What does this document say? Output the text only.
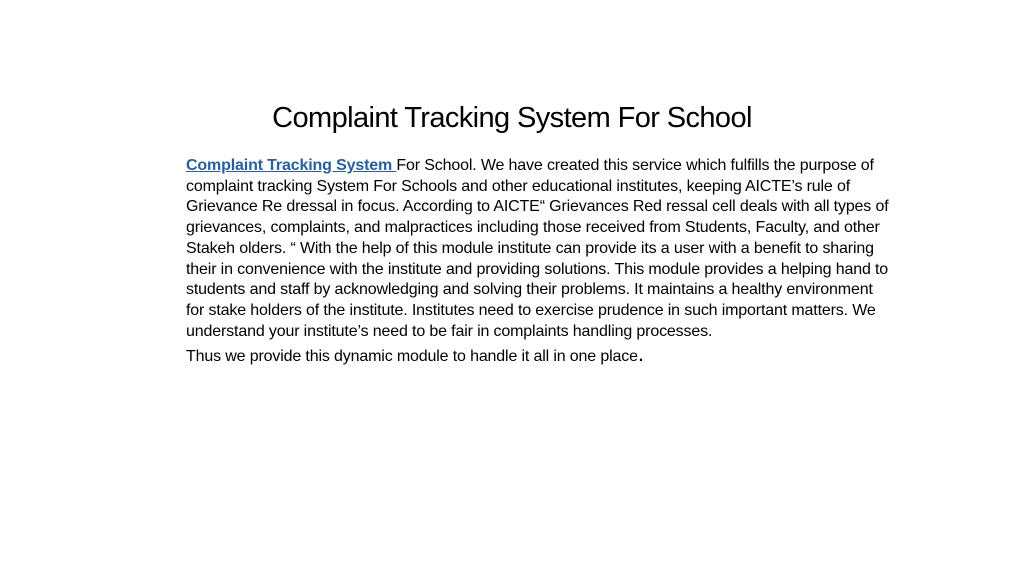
Complaint Tracking System For School

Complaint Tracking System For School. We have created this service which fulfills the purpose of complaint tracking System For Schools and other educational institutes, keeping AICTE’s rule of Grievance Re dressal in focus. According to AICTE“ Grievances Red ressal cell deals with all types of grievances, complaints, and malpractices including those received from Students, Faculty, and other Stakeh olders. “ With the help of this module institute can provide its a user with a benefit to sharing their in convenience with the institute and providing solutions. This module provides a helping hand to students and staff by acknowledging and solving their problems. It maintains a healthy environment for stake holders of the institute. Institutes need to exercise prudence in such important matters. We understand your institute’s need to be fair in complaints handling processes.
Thus we provide this dynamic module to handle it all in one place.
